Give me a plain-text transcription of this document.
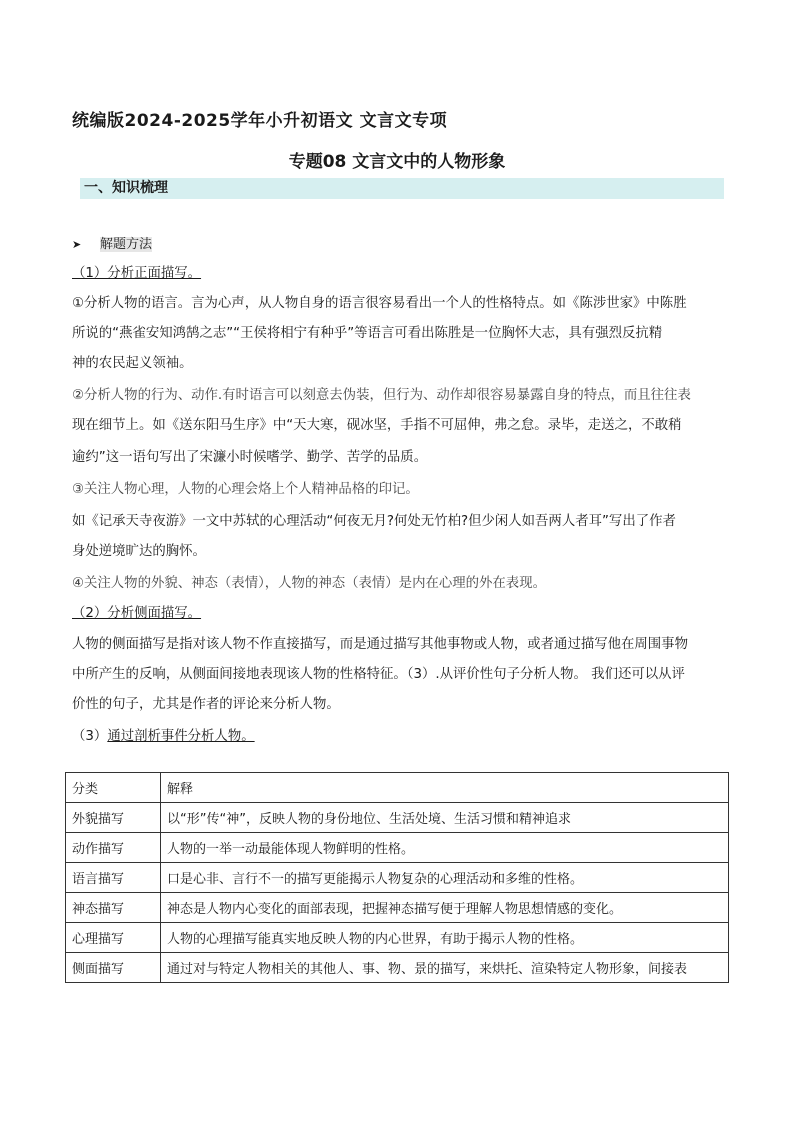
统编版2024-2025学年小升初语文 文言文专项
专题08 文言文中的人物形象
一、知识梳理
➤ 解题方法
（1）分析正面描写。
①分析人物的语言。言为心声，从人物自身的语言很容易看出一个人的性格特点。如《陈涉世家》中陈胜
所说的“燕雀安知鸿鹄之志”“王侯将相宁有种乎”等语言可看出陈胜是一位胸怀大志，具有强烈反抗精
神的农民起义领袖。
②分析人物的行为、动作.有时语言可以刻意去伪装，但行为、动作却很容易暴露自身的特点，而且往往表
现在细节上。如《送东阳马生序》中“天大寒，砚冰坚，手指不可屈伸，弗之怠。录毕，走送之，不敢稍
逾约”这一语句写出了宋濂小时候嗜学、勤学、苦学的品质。
③关注人物心理，人物的心理会烙上个人精神品格的印记。
如《记承天寺夜游》一文中苏轼的心理活动“何夜无月?何处无竹柏?但少闲人如吾两人者耳”写出了作者
身处逆境旷达的胸怀。
④关注人物的外貌、神态（表情），人物的神态（表情）是内在心理的外在表现。
（2）分析侧面描写。
人物的侧面描写是指对该人物不作直接描写，而是通过描写其他事物或人物，或者通过描写他在周围事物
中所产生的反响，从侧面间接地表现该人物的性格特征。（3）.从评价性句子分析人物。 我们还可以从评
价性的句子，尤其是作者的评论来分析人物。
（3）通过剖析事件分析人物。
分类	解释
外貌描写	以“形”传“神”，反映人物的身份地位、生活处境、生活习惯和精神追求
动作描写	人物的一举一动最能体现人物鲜明的性格。
语言描写	口是心非、言行不一的描写更能揭示人物复杂的心理活动和多维的性格。
神态描写	神态是人物内心变化的面部表现，把握神态描写便于理解人物思想情感的变化。
心理描写	人物的心理描写能真实地反映人物的内心世界，有助于揭示人物的性格。
侧面描写	通过对与特定人物相关的其他人、事、物、景的描写，来烘托、渲染特定人物形象，间接表
